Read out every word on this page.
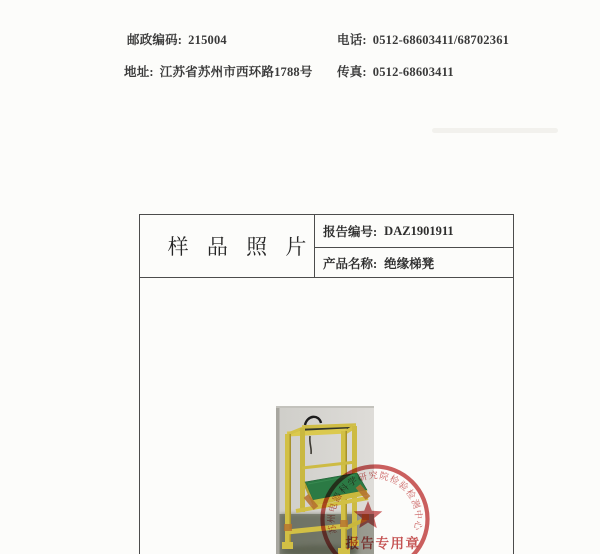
邮政编码: 215004	电话: 0512-68603411/68702361
地址: 江苏省苏州市西环路1788号 传真: 0512-68603411
样 品 照 片
报告编号: DAZ1901911
产品名称: 绝缘梯凳
苏州电器科学研究院检验检测中心
报告专用章
